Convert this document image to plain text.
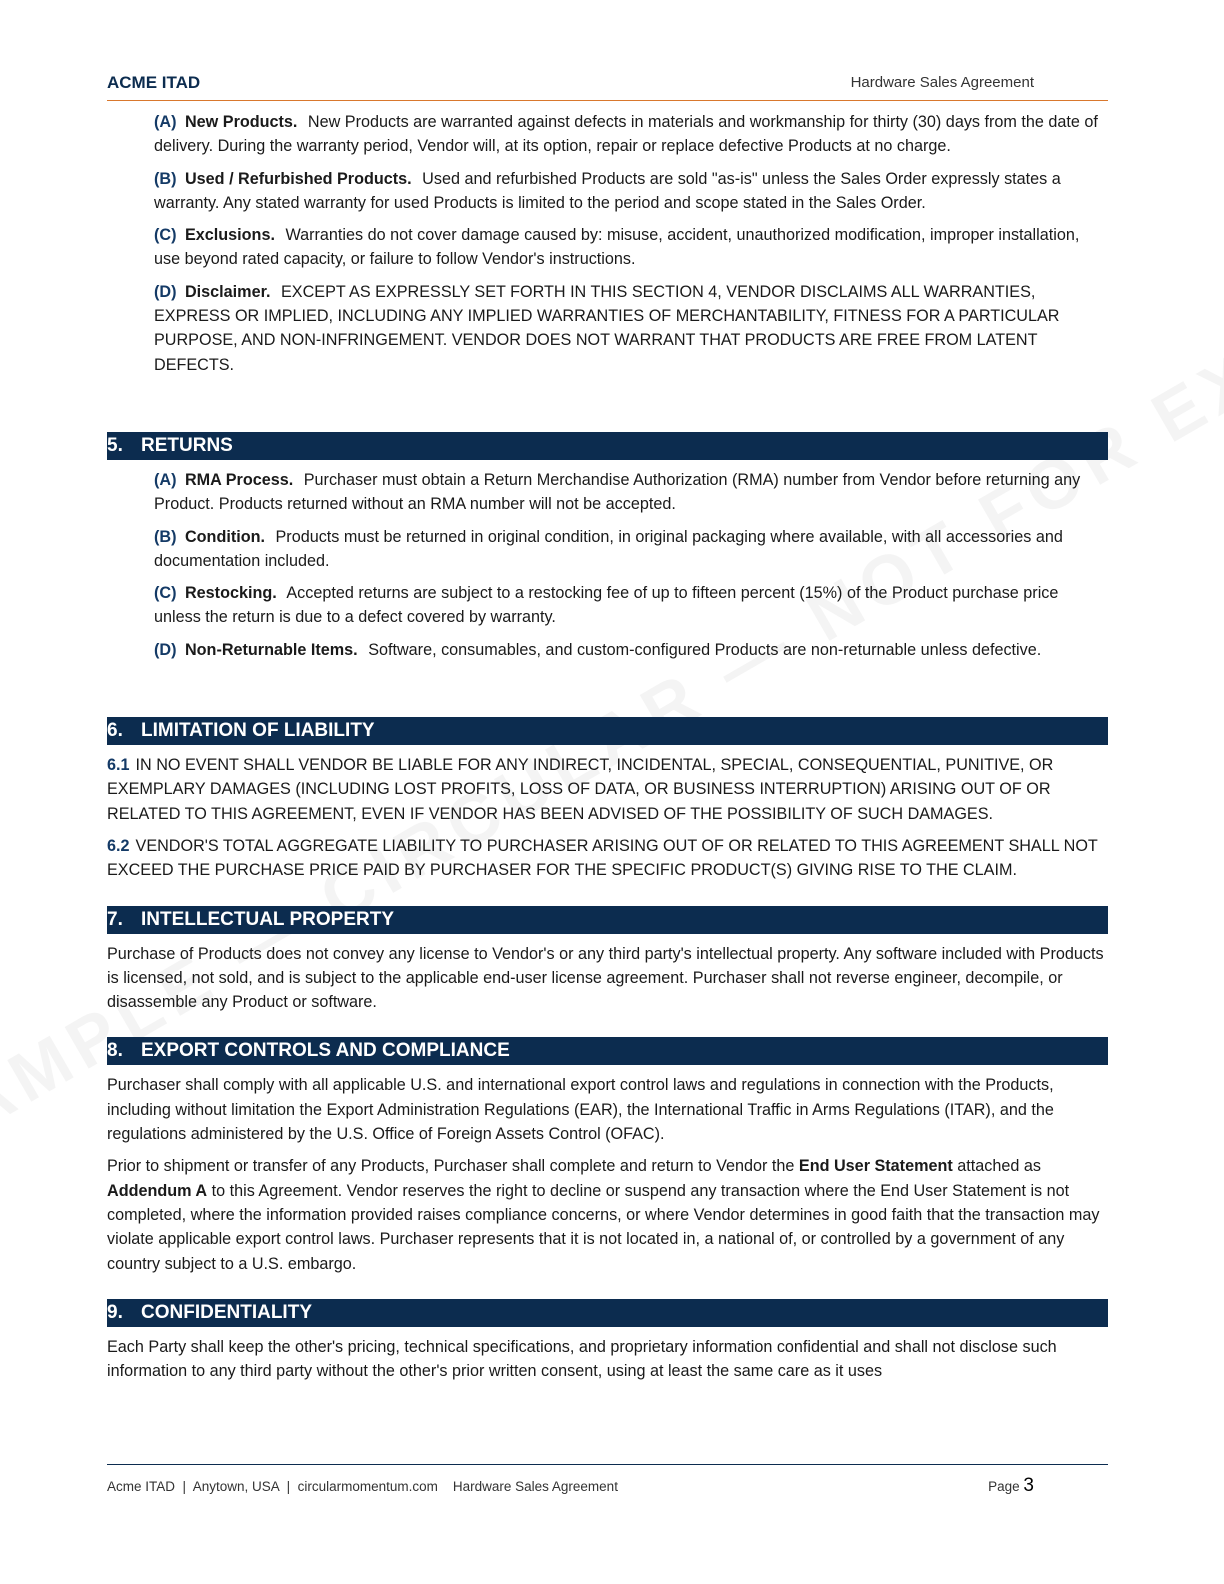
ACME ITAD	Hardware Sales Agreement
(A) New Products. New Products are warranted against defects in materials and workmanship for thirty (30) days from the date of delivery. During the warranty period, Vendor will, at its option, repair or replace defective Products at no charge.
(B) Used / Refurbished Products. Used and refurbished Products are sold "as-is" unless the Sales Order expressly states a warranty. Any stated warranty for used Products is limited to the period and scope stated in the Sales Order.
(C) Exclusions. Warranties do not cover damage caused by: misuse, accident, unauthorized modification, improper installation, use beyond rated capacity, or failure to follow Vendor's instructions.
(D) Disclaimer. EXCEPT AS EXPRESSLY SET FORTH IN THIS SECTION 4, VENDOR DISCLAIMS ALL WARRANTIES, EXPRESS OR IMPLIED, INCLUDING ANY IMPLIED WARRANTIES OF MERCHANTABILITY, FITNESS FOR A PARTICULAR PURPOSE, AND NON-INFRINGEMENT. VENDOR DOES NOT WARRANT THAT PRODUCTS ARE FREE FROM LATENT DEFECTS.
5. RETURNS
(A) RMA Process. Purchaser must obtain a Return Merchandise Authorization (RMA) number from Vendor before returning any Product. Products returned without an RMA number will not be accepted.
(B) Condition. Products must be returned in original condition, in original packaging where available, with all accessories and documentation included.
(C) Restocking. Accepted returns are subject to a restocking fee of up to fifteen percent (15%) of the Product purchase price unless the return is due to a defect covered by warranty.
(D) Non-Returnable Items. Software, consumables, and custom-configured Products are non-returnable unless defective.
6. LIMITATION OF LIABILITY
6.1 IN NO EVENT SHALL VENDOR BE LIABLE FOR ANY INDIRECT, INCIDENTAL, SPECIAL, CONSEQUENTIAL, PUNITIVE, OR EXEMPLARY DAMAGES (INCLUDING LOST PROFITS, LOSS OF DATA, OR BUSINESS INTERRUPTION) ARISING OUT OF OR RELATED TO THIS AGREEMENT, EVEN IF VENDOR HAS BEEN ADVISED OF THE POSSIBILITY OF SUCH DAMAGES.
6.2 VENDOR'S TOTAL AGGREGATE LIABILITY TO PURCHASER ARISING OUT OF OR RELATED TO THIS AGREEMENT SHALL NOT EXCEED THE PURCHASE PRICE PAID BY PURCHASER FOR THE SPECIFIC PRODUCT(S) GIVING RISE TO THE CLAIM.
7. INTELLECTUAL PROPERTY
Purchase of Products does not convey any license to Vendor's or any third party's intellectual property. Any software included with Products is licensed, not sold, and is subject to the applicable end-user license agreement. Purchaser shall not reverse engineer, decompile, or disassemble any Product or software.
8. EXPORT CONTROLS AND COMPLIANCE
Purchaser shall comply with all applicable U.S. and international export control laws and regulations in connection with the Products, including without limitation the Export Administration Regulations (EAR), the International Traffic in Arms Regulations (ITAR), and the regulations administered by the U.S. Office of Foreign Assets Control (OFAC).
Prior to shipment or transfer of any Products, Purchaser shall complete and return to Vendor the End User Statement attached as Addendum A to this Agreement. Vendor reserves the right to decline or suspend any transaction where the End User Statement is not completed, where the information provided raises compliance concerns, or where Vendor determines in good faith that the transaction may violate applicable export control laws. Purchaser represents that it is not located in, a national of, or controlled by a government of any country subject to a U.S. embargo.
9. CONFIDENTIALITY
Each Party shall keep the other's pricing, technical specifications, and proprietary information confidential and shall not disclose such information to any third party without the other's prior written consent, using at least the same care as it uses
Acme ITAD  |  Anytown, USA  |  circularmomentum.com    Hardware Sales Agreement	Page 3
